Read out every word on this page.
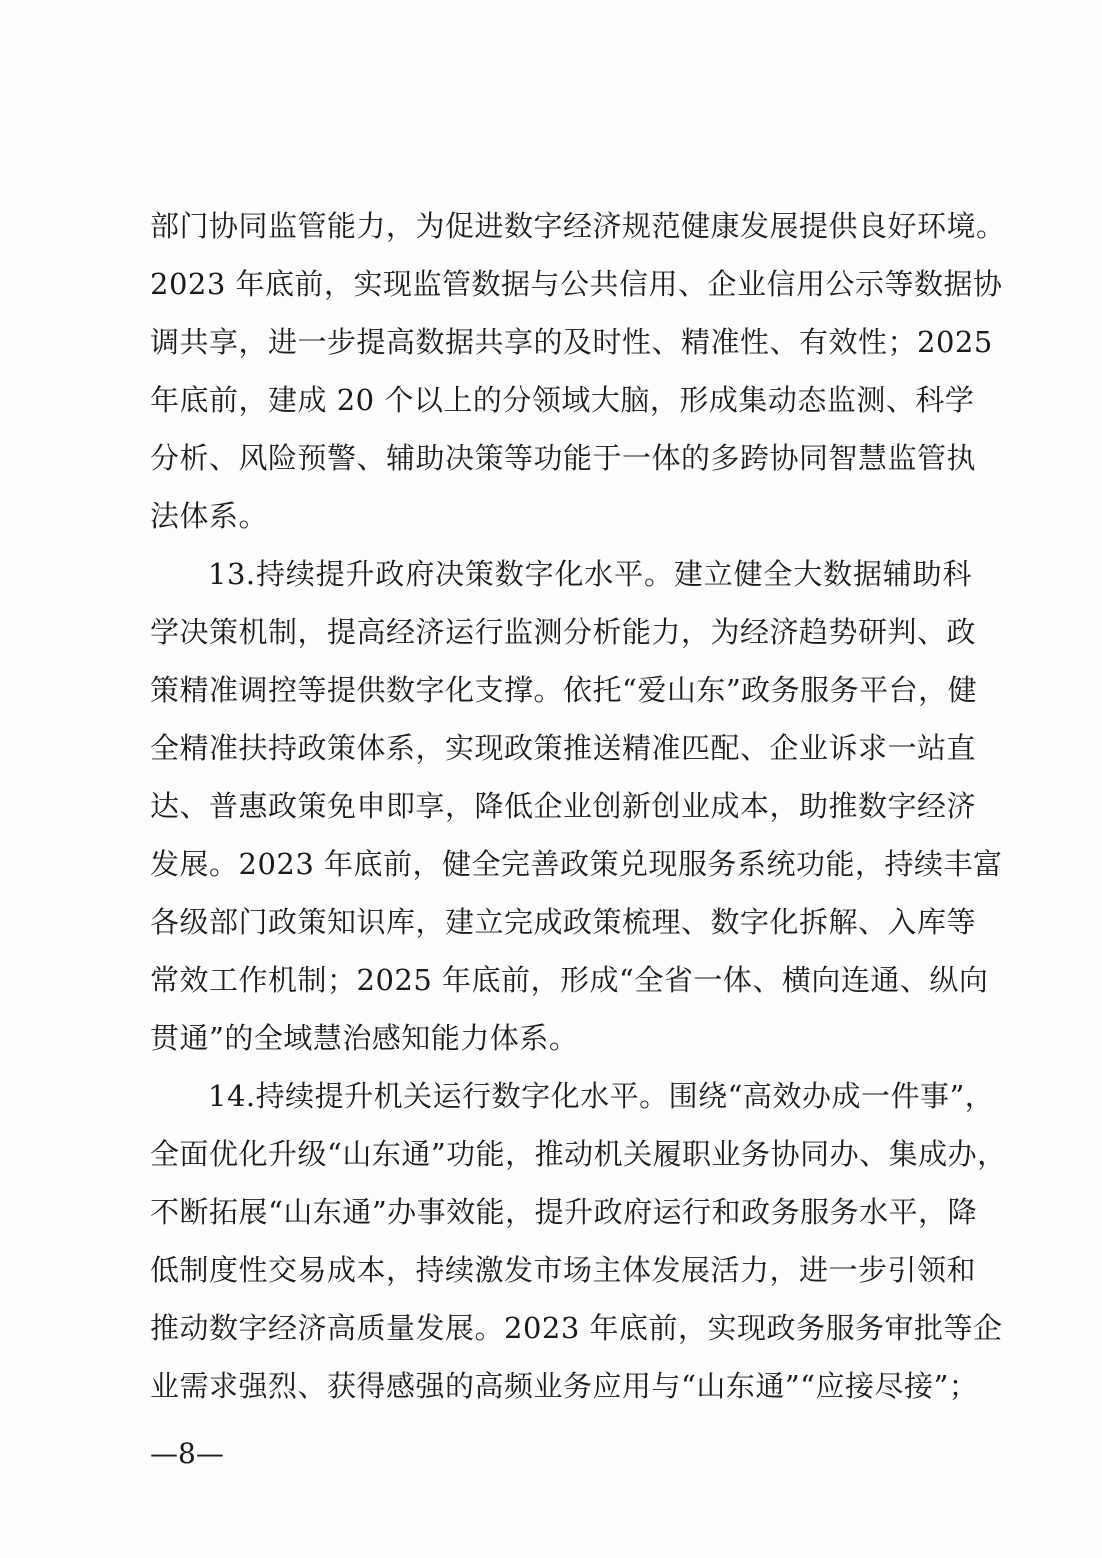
部门协同监管能力，为促进数字经济规范健康发展提供良好环境。
2023 年底前，实现监管数据与公共信用、企业信用公示等数据协
调共享，进一步提高数据共享的及时性、精准性、有效性；2025
年底前，建成 20 个以上的分领域大脑，形成集动态监测、科学
分析、风险预警、辅助决策等功能于一体的多跨协同智慧监管执
法体系。
13.持续提升政府决策数字化水平。建立健全大数据辅助科
学决策机制，提高经济运行监测分析能力，为经济趋势研判、政
策精准调控等提供数字化支撑。依托“爱山东”政务服务平台，健
全精准扶持政策体系，实现政策推送精准匹配、企业诉求一站直
达、普惠政策免申即享，降低企业创新创业成本，助推数字经济
发展。2023 年底前，健全完善政策兑现服务系统功能，持续丰富
各级部门政策知识库，建立完成政策梳理、数字化拆解、入库等
常效工作机制；2025 年底前，形成“全省一体、横向连通、纵向
贯通”的全域慧治感知能力体系。
14.持续提升机关运行数字化水平。围绕“高效办成一件事”，
全面优化升级“山东通”功能，推动机关履职业务协同办、集成办，
不断拓展“山东通”办事效能，提升政府运行和政务服务水平，降
低制度性交易成本，持续激发市场主体发展活力，进一步引领和
推动数字经济高质量发展。2023 年底前，实现政务服务审批等企
业需求强烈、获得感强的高频业务应用与“山东通”“应接尽接”；
—8—
